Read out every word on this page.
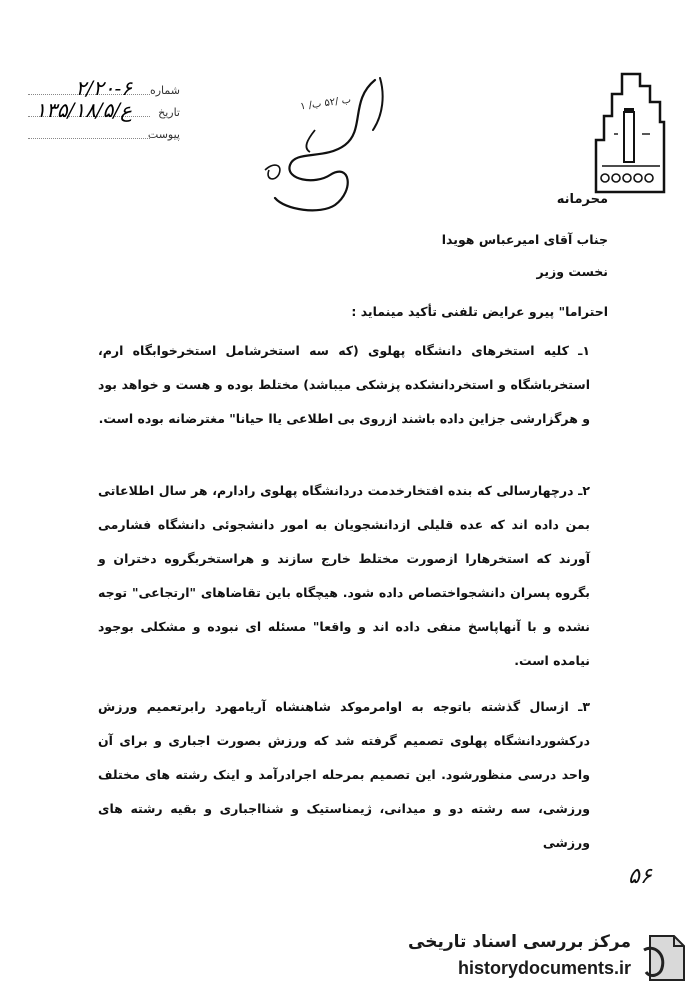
شماره
۲/۲۰-۶
تاریخ
۱۳۵/۱۸/ع/۵
پیوست
۱ /ب /۵۲ ب
محرمانه
جناب آقای امیرعباس هویدا
نخست وزیر
احتراما" پیرو عرایض تلفنی تأکید مینماید :
۱ـ کلیه استخرهای دانشگاه پهلوی (که سه استخرشامل استخرخوابگاه ارم، استخرباشگاه و استخردانشکده پزشکی میباشد) مختلط بوده و هست و خواهد بود و هرگزارشی جزاین داده باشند ازروی بی اطلاعی یاا حیانا" مغترضانه بوده است.
۲ـ درچهارسالی که بنده افتخارخدمت دردانشگاه پهلوی رادارم، هر سال اطلاعاتی بمن داده اند که عده قلیلی ازدانشجویان به امور دانشجوئی دانشگاه فشارمی آورند که استخرهارا ازصورت مختلط خارج سازند و هراستخربگروه دختران و بگروه پسران دانشجواختصاص داده شود. هیچگاه باین تقاضاهای "ارتجاعی" توجه نشده و با آنهاپاسخ منفی داده اند و واقعا" مسئله ای نبوده و مشکلی بوجود نیامده است.
۳ـ ازسال گذشته باتوجه به اوامرموکد شاهنشاه آریامهرد رابرتعمیم ورزش درکشوردانشگاه پهلوی تصمیم گرفته شد که ورزش بصورت اجباری و برای آن واحد درسی منظورشود. این تصمیم بمرحله اجرادرآمد و اینک رشته های مختلف ورزشی، سه رشته دو و میدانی، ژیمناستیک و شنااجباری و بقیه رشته های ورزشی
۵۶
مرکز بررسی اسناد تاریخی
historydocuments.ir
